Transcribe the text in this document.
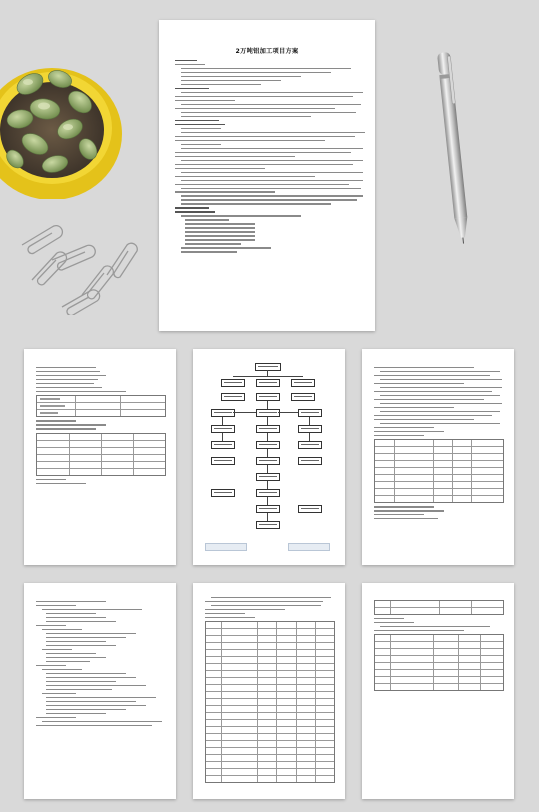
2万吨铝加工项目方案
